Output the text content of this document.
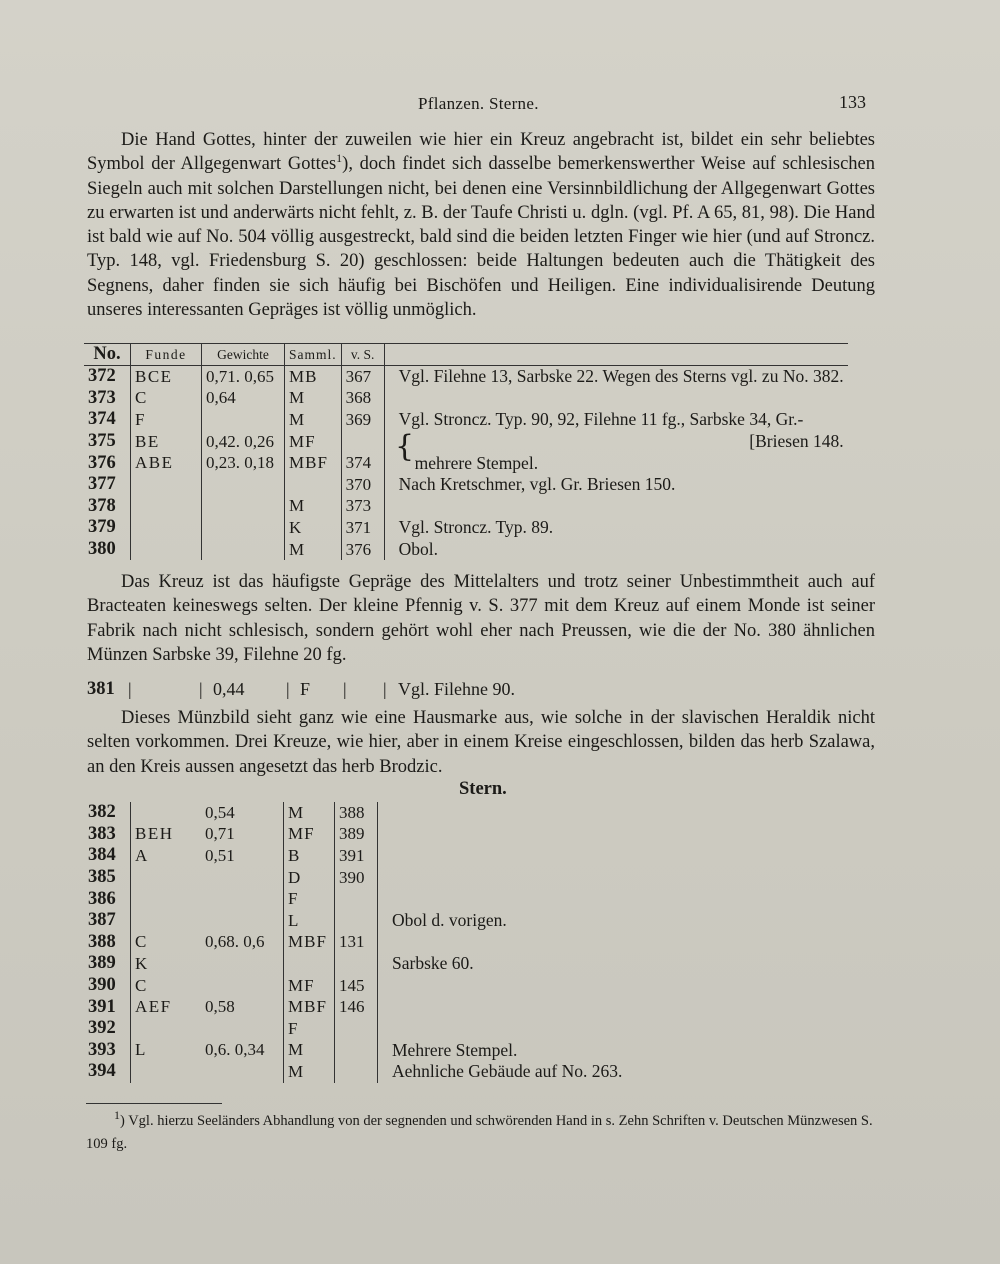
Pflanzen. Sterne.	133

Die Hand Gottes, hinter der zuweilen wie hier ein Kreuz angebracht ist, bildet ein sehr beliebtes Symbol der Allgegenwart Gottes$^1$), doch findet sich dasselbe bemerkenswerther Weise auf schlesischen Siegeln auch mit solchen Darstellungen nicht, bei denen eine Versinnbildlichung der Allgegenwart Gottes zu erwarten ist und anderwärts nicht fehlt, z. B. der Taufe Christi u. dgln. (vgl. Pf. A 65, 81, 98). Die Hand ist bald wie auf No. 504 völlig ausgestreckt, bald sind die beiden letzten Finger wie hier (und auf Stroncz. Typ. 148, vgl. Friedensburg S. 20) geschlossen: beide Haltungen bedeuten auch die Thätigkeit des Segnens, daher finden sie sich häufig bei Bischöfen und Heiligen. Eine individualisirende Deutung unseres interessanten Gepräges ist völlig unmöglich.

No.	Funde	Gewichte	Samml.	v. S.	
372	BCE	0,71. 0,65	MB	367	Vgl. Filehne 13, Sarbske 22. Wegen des Sterns vgl. zu No. 382.
373	C	0,64	M	368	
374	F		M	369	Vgl. Stroncz. Typ. 90, 92, Filehne 11 fg., Sarbske 34, Gr.-
375	BE	0,42. 0,26	MF		[Briesen 148.
376	ABE	0,23. 0,18	MBF	374	mehrere Stempel.
377				370	Nach Kretschmer, vgl. Gr. Briesen 150.
378			M	373	
379			K	371	Vgl. Stroncz. Typ. 89.
380			M	376	Obol.
{

Das Kreuz ist das häufigste Gepräge des Mittelalters und trotz seiner Unbestimmtheit auch auf Bracteaten keineswegs selten. Der kleine Pfennig v. S. 377 mit dem Kreuz auf einem Monde ist seiner Fabrik nach nicht schlesisch, sondern gehört wohl eher nach Preussen, wie die der No. 380 ähnlichen Münzen Sarbske 39, Filehne 20 fg.

381 |	| 0,44 | F | | Vgl. Filehne 90.

Dieses Münzbild sieht ganz wie eine Hausmarke aus, wie solche in der slavischen Heraldik nicht selten vorkommen. Drei Kreuze, wie hier, aber in einem Kreise eingeschlossen, bilden das herb Szalawa, an den Kreis aussen angesetzt das herb Brodzic.

Stern.
382		0,54	M	388	
383	BEH	0,71	MF	389	
384	A	0,51	B	391	
385			D	390	
386			F		
387			L		Obol d. vorigen.
388	C	0,68. 0,6	MBF	131	
389	K				Sarbske 60.
390	C		MF	145	
391	AEF	0,58	MBF	146	
392			F		
393	L	0,6. 0,34	M		Mehrere Stempel.
394			M		Aehnliche Gebäude auf No. 263.

$^1$) Vgl. hierzu Seeländers Abhandlung von der segnenden und schwörenden Hand in s. Zehn Schriften v. Deutschen Münzwesen S. 109 fg.
